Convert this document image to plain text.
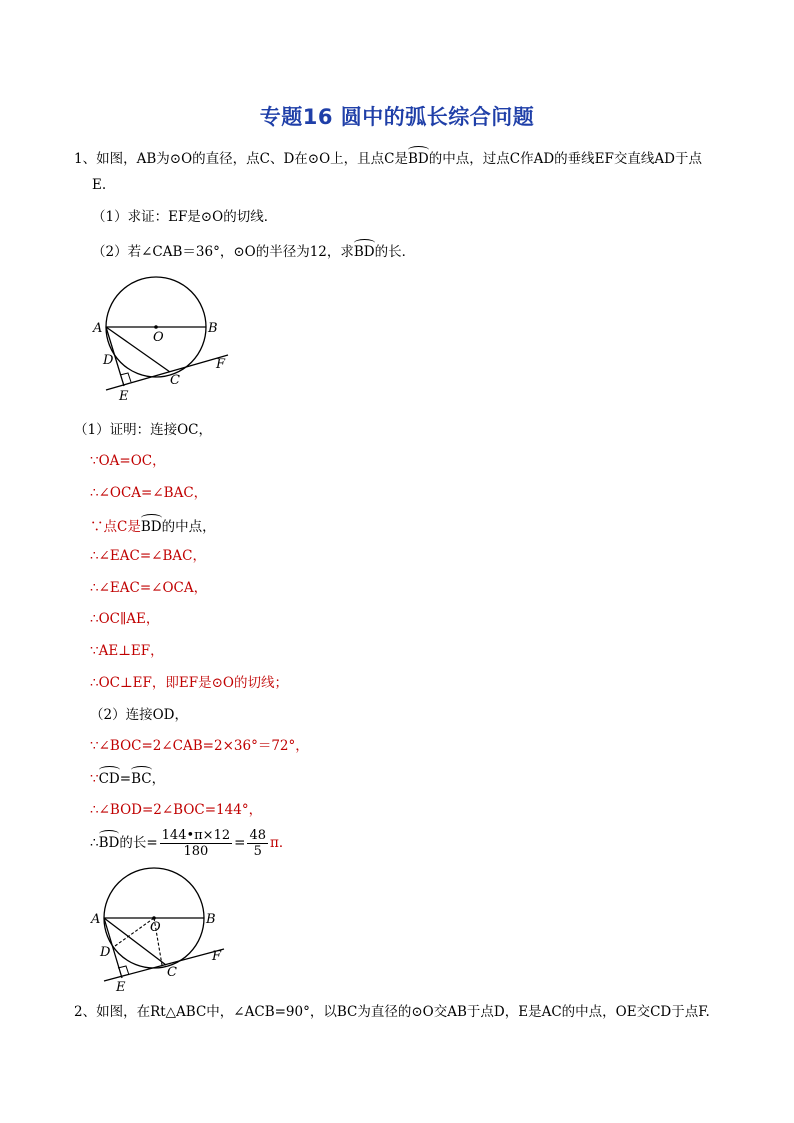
专题16 圆中的弧长综合问题
1、如图，AB为⊙O的直径，点C、D在⊙O上，且点C是BD的中点，过点C作AD的垂线EF交直线AD于点
E.
（1）求证：EF是⊙O的切线．
（2）若∠CAB＝36°，⊙O的半径为12，求BD的长．
A	B
O
D
C
E
F
（1）证明：连接OC，
∵OA=OC，
∴∠OCA=∠BAC，
∵点C是BD的中点，
∴∠EAC=∠BAC，
∴∠EAC=∠OCA，
∴OC∥AE，
∵AE⊥EF，
∴OC⊥EF，即EF是⊙O的切线；
（2）连接OD，
∵∠BOC=2∠CAB=2×36°＝72°，
∵CD=BC，
∴∠BOD=2∠BOC=144°，
∴BD的长= $\frac{144•\pi\times 12}{180} = \frac{48}{5}$ π．
A	B
O
D
C
E
F
2、如图，在Rt△ABC中，∠ACB=90°，以BC为直径的⊙O交AB于点D，E是AC的中点，OE交CD于点F.
